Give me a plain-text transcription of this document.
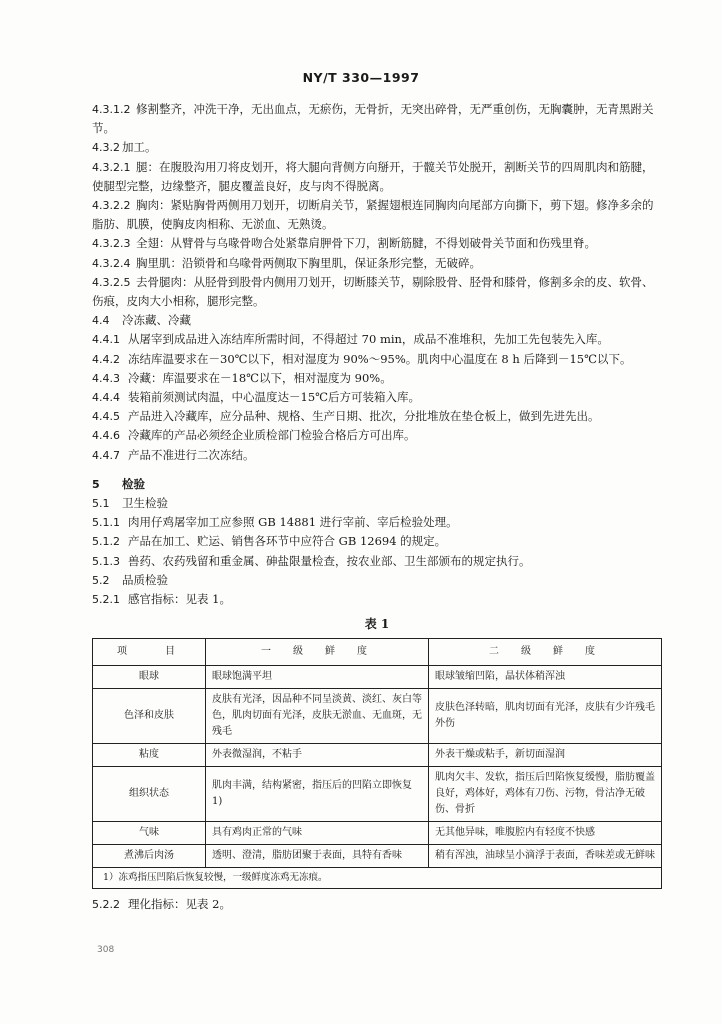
NY/T 330—1997
4.3.1.2 修割整齐，冲洗干净，无出血点，无瘀伤，无骨折，无突出碎骨，无严重创伤，无胸囊肿，无青黑跗关节。
4.3.2 加工。
4.3.2.1 腿：在腹股沟用刀将皮划开，将大腿向背侧方向掰开，于髋关节处脱开，割断关节的四周肌肉和筋腱，使腿型完整，边缘整齐，腿皮覆盖良好，皮与肉不得脱离。
4.3.2.2 胸肉：紧贴胸骨两侧用刀划开，切断肩关节，紧握翅根连同胸肉向尾部方向撕下，剪下翅。修净多余的脂肪、肌膜，使胸皮肉相称、无淤血、无熟烫。
4.3.2.3 全翅：从臂骨与乌喙骨吻合处紧靠肩胛骨下刀，割断筋腱，不得划破骨关节面和伤残里脊。
4.3.2.4 胸里肌：沿锁骨和乌喙骨两侧取下胸里肌，保证条形完整，无破碎。
4.3.2.5 去骨腿肉：从胫骨到股骨内侧用刀划开，切断膝关节，剔除股骨、胫骨和膝骨，修割多余的皮、软骨、伤痕，皮肉大小相称，腿形完整。
4.4 冷冻藏、冷藏
4.4.1 从屠宰到成品进入冻结库所需时间，不得超过 70 min，成品不准堆积，先加工先包装先入库。
4.4.2 冻结库温要求在－30℃以下，相对湿度为 90%～95%。肌肉中心温度在 8 h 后降到－15℃以下。
4.4.3 冷藏：库温要求在－18℃以下，相对湿度为 90%。
4.4.4 装箱前须测试肉温，中心温度达－15℃后方可装箱入库。
4.4.5 产品进入冷藏库，应分品种、规格、生产日期、批次，分批堆放在垫仓板上，做到先进先出。
4.4.6 冷藏库的产品必须经企业质检部门检验合格后方可出库。
4.4.7 产品不准进行二次冻结。
5 检验
5.1 卫生检验
5.1.1 肉用仔鸡屠宰加工应参照 GB 14881 进行宰前、宰后检验处理。
5.1.2 产品在加工、贮运、销售各环节中应符合 GB 12694 的规定。
5.1.3 兽药、农药残留和重金属、砷盐限量检查，按农业部、卫生部颁布的规定执行。
5.2 品质检验
5.2.1 感官指标：见表 1。
表 1
项　　目	一　级　鲜　度	二　级　鲜　度
眼球	眼球饱满平坦	眼球皱缩凹陷，晶状体稍浑浊
色泽和皮肤	皮肤有光泽，因品种不同呈淡黄、淡红、灰白等色，肌肉切面有光泽，皮肤无淤血、无血斑，无残毛	皮肤色泽转暗，肌肉切面有光泽，皮肤有少许残毛外伤
粘度	外表微湿润，不粘手	外表干燥或粘手，新切面湿润
组织状态	肌肉丰满，结构紧密，指压后的凹陷立即恢复1)	肌肉欠丰、发软，指压后凹陷恢复缓慢，脂肪覆盖良好，鸡体好，鸡体有刀伤、污物，骨沽净无破伤、骨折
气味	具有鸡肉正常的气味	无其他异味，唯腹腔内有轻度不快感
煮沸后肉汤	透明、澄清，脂肪团聚于表面，具特有香味	稍有浑浊，油球呈小滴浮于表面，香味差或无鲜味
1）冻鸡指压凹陷后恢复较慢，一级鲜度冻鸡无冻痕。		
5.2.2 理化指标：见表 2。
308
